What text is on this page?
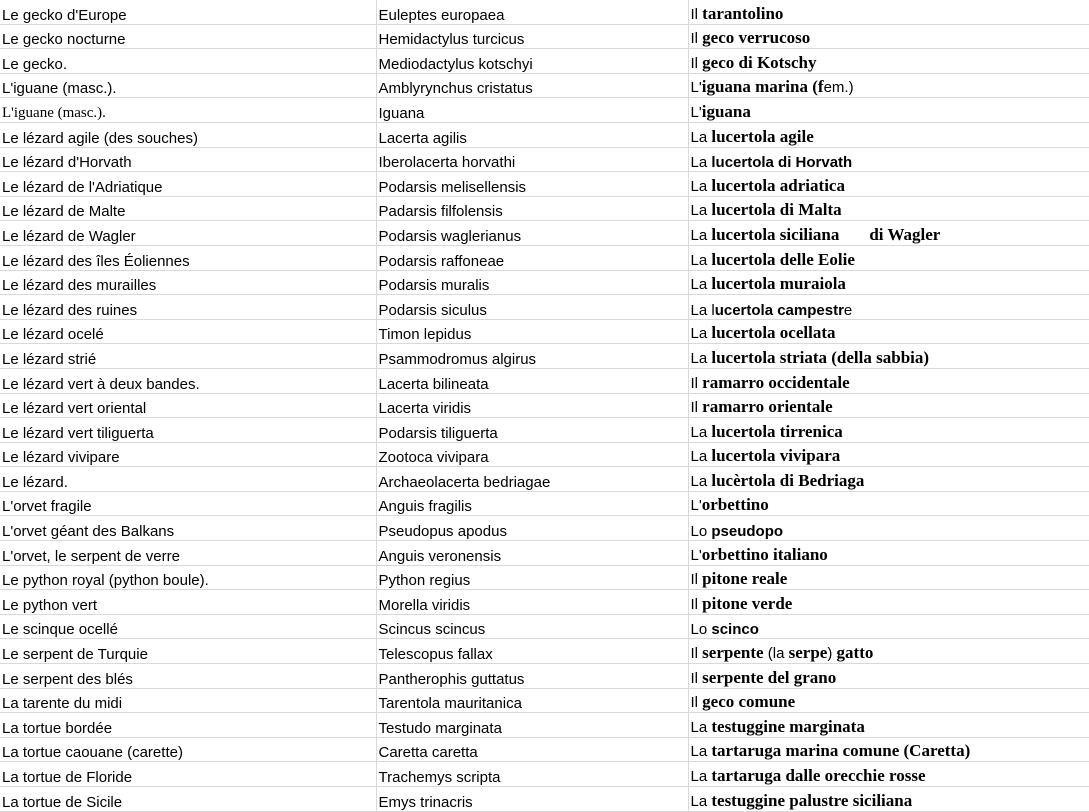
Le gecko d'Europe	Euleptes europaea	Il tarantolino
Le gecko nocturne	Hemidactylus turcicus	Il geco verrucoso
Le gecko.	Mediodactylus kotschyi	Il geco di Kotschy
L'iguane (masc.).	Amblyrynchus cristatus	L'iguana marina (fem.)
L'iguane (masc.).	Iguana	L'iguana
Le lézard agile (des souches)	Lacerta agilis	La lucertola agile
Le lézard d'Horvath	Iberolacerta horvathi	La lucertola di Horvath
Le lézard de l'Adriatique	Podarsis melisellensis	La lucertola adriatica
Le lézard de Malte	Padarsis filfolensis	La lucertola di Malta
Le lézard de Wagler	Podarsis waglerianus	La lucertola siciliana di Wagler
Le lézard des îles Éoliennes	Podarsis raffoneae	La lucertola delle Eolie
Le lézard des murailles	Podarsis muralis	La lucertola muraiola
Le lézard des ruines	Podarsis siculus	La lucertola campestre
Le lézard ocelé	Timon lepidus	La lucertola ocellata
Le lézard strié	Psammodromus algirus	La lucertola striata (della sabbia)
Le lézard vert à deux bandes.	Lacerta bilineata	Il ramarro occidentale
Le lézard vert oriental	Lacerta viridis	Il ramarro orientale
Le lézard vert tiliguerta	Podarsis tiliguerta	La lucertola tirrenica
Le lézard vivipare	Zootoca vivipara	La lucertola vivipara
Le lézard.	Archaeolacerta bedriagae	La lucèrtola di Bedriaga
L'orvet fragile	Anguis fragilis	L'orbettino
L'orvet géant des Balkans	Pseudopus apodus	Lo pseudopo
L'orvet, le serpent de verre	Anguis veronensis	L'orbettino italiano
Le python royal (python boule).	Python regius	Il pitone reale
Le python vert	Morella viridis	Il pitone verde
Le scinque ocellé	Scincus scincus	Lo scinco
Le serpent de Turquie	Telescopus fallax	Il serpente (la serpe) gatto
Le serpent des blés	Pantherophis guttatus	Il serpente del grano
La tarente du midi	Tarentola mauritanica	Il geco comune
La tortue bordée	Testudo marginata	La testuggine marginata
La tortue caouane (carette)	Caretta caretta	La tartaruga marina comune (Caretta)
La tortue de Floride	Trachemys scripta	La tartaruga dalle orecchie rosse
La tortue de Sicile	Emys trinacris	La testuggine palustre siciliana
